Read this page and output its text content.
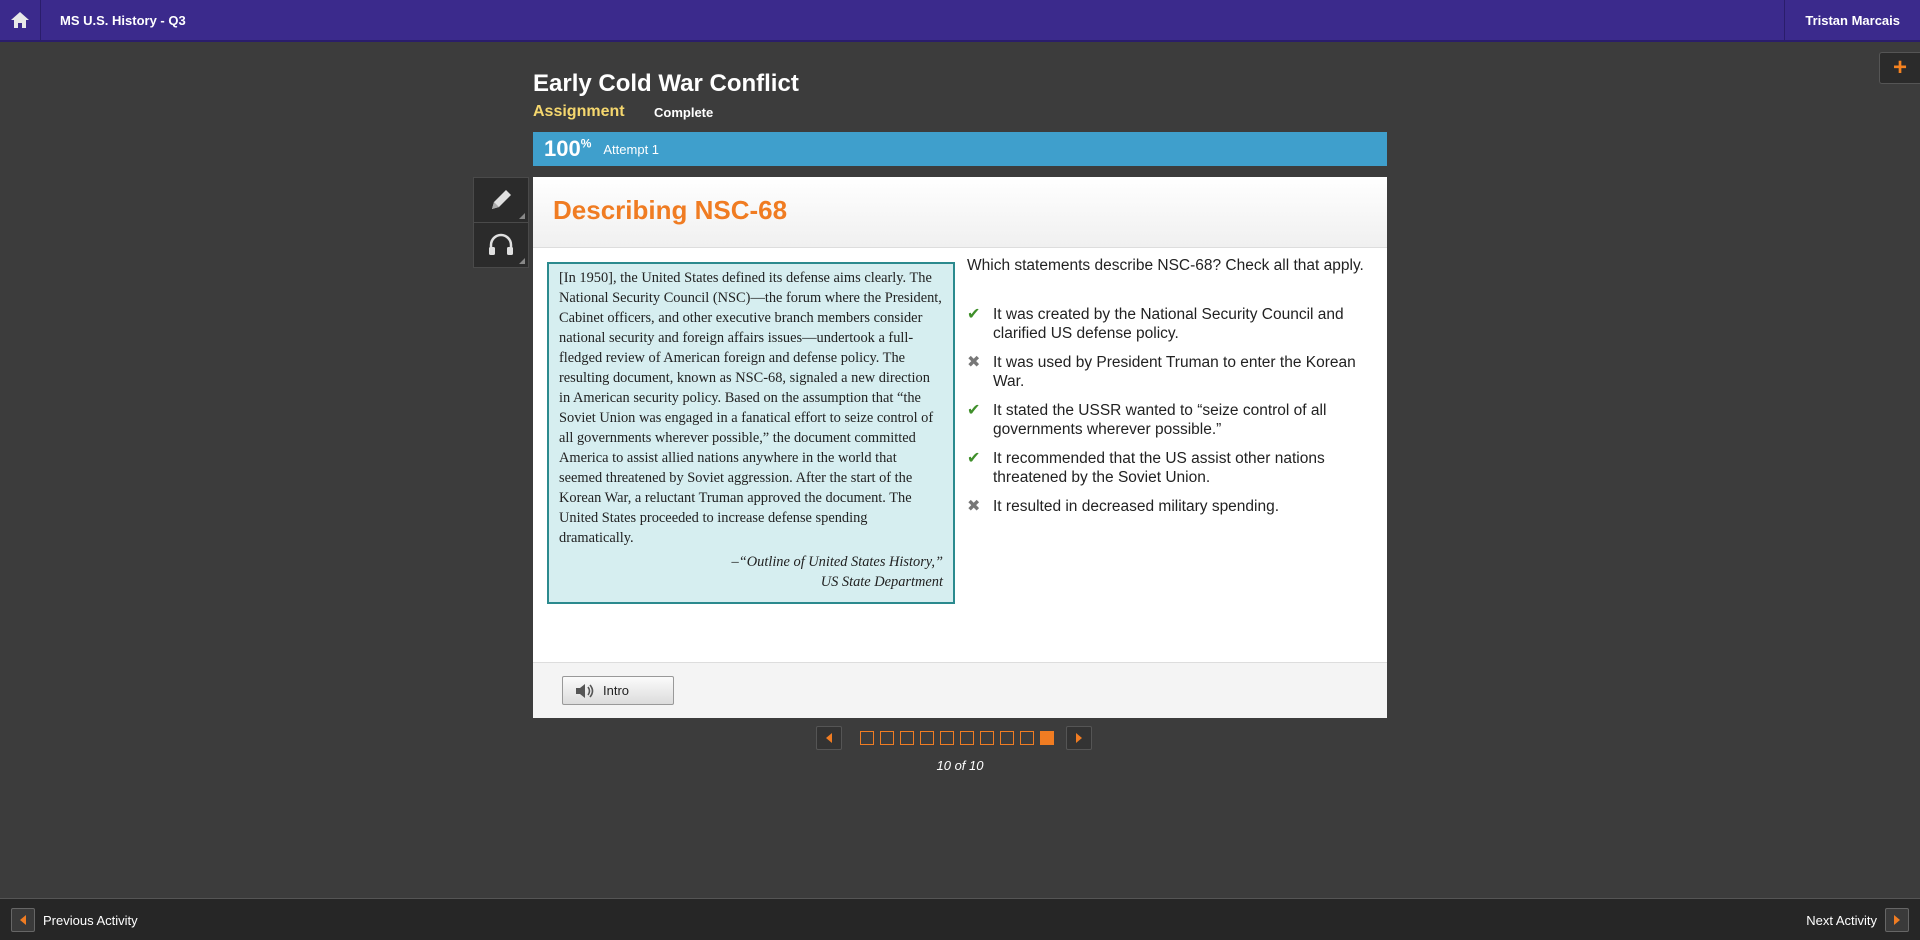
MS U.S. History - Q3	Tristan Marcais
+
Early Cold War Conflict
Assignment Complete
100% Attempt 1
Describing NSC-68

[In 1950], the United States defined its defense aims clearly. The National Security Council (NSC)—the forum where the President, Cabinet officers, and other executive branch members consider national security and foreign affairs issues—undertook a full-fledged review of American foreign and defense policy. The resulting document, known as NSC-68, signaled a new direction in American security policy. Based on the assumption that “the Soviet Union was engaged in a fanatical effort to seize control of all governments wherever possible,” the document committed America to assist allied nations anywhere in the world that seemed threatened by Soviet aggression. After the start of the Korean War, a reluctant Truman approved the document. The United States proceeded to increase defense spending dramatically.

–“Outline of United States History,”
US State Department
Which statements describe NSC-68? Check all that apply.
✔ It was created by the National Security Council and clarified US defense policy.
✖ It was used by President Truman to enter the Korean War.
✔ It stated the USSR wanted to “seize control of all governments wherever possible.”
✔ It recommended that the US assist other nations threatened by the Soviet Union.
✖ It resulted in decreased military spending.
Intro
10 of 10
Previous Activity	Next Activity
